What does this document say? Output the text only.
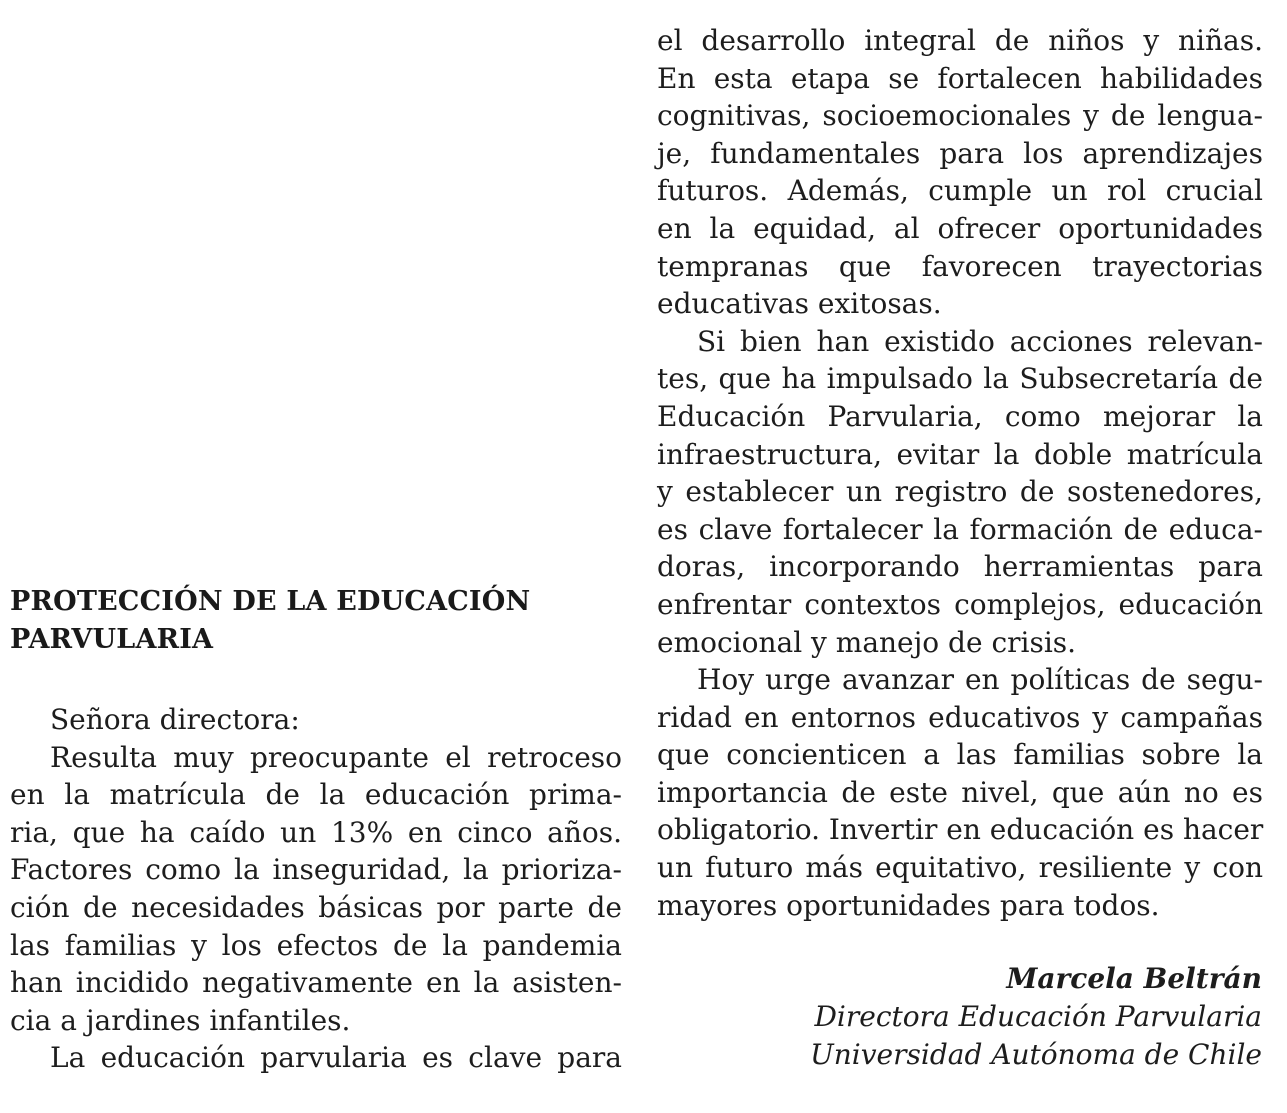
PROTECCIÓN DE LA EDUCACIÓN
PARVULARIA
Señora directora:
Resulta muy preocupante el retroceso
en la matrícula de la educación prima-
ria, que ha caído un 13% en cinco años.
Factores como la inseguridad, la prioriza-
ción de necesidades básicas por parte de
las familias y los efectos de la pandemia
han incidido negativamente en la asisten-
cia a jardines infantiles.
La educación parvularia es clave para
el desarrollo integral de niños y niñas.
En esta etapa se fortalecen habilidades
cognitivas, socioemocionales y de lengua-
je, fundamentales para los aprendizajes
futuros. Además, cumple un rol crucial
en la equidad, al ofrecer oportunidades
tempranas que favorecen trayectorias
educativas exitosas.
Si bien han existido acciones relevan-
tes, que ha impulsado la Subsecretaría de
Educación Parvularia, como mejorar la
infraestructura, evitar la doble matrícula
y establecer un registro de sostenedores,
es clave fortalecer la formación de educa-
doras, incorporando herramientas para
enfrentar contextos complejos, educación
emocional y manejo de crisis.
Hoy urge avanzar en políticas de segu-
ridad en entornos educativos y campañas
que concienticen a las familias sobre la
importancia de este nivel, que aún no es
obligatorio. Invertir en educación es hacer
un futuro más equitativo, resiliente y con
mayores oportunidades para todos.
Marcela Beltrán
Directora Educación Parvularia
Universidad Autónoma de Chile
